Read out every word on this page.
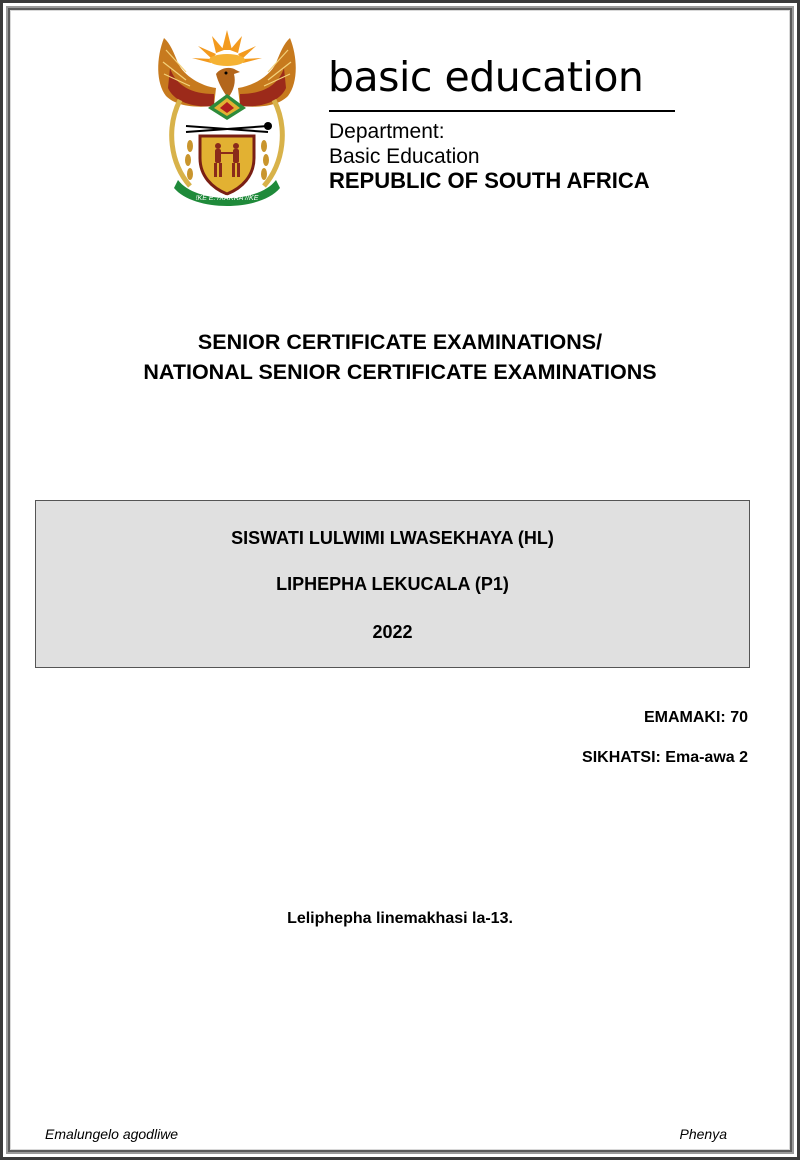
!KE E: /XARRA //KE
basic education
Department:
Basic Education
REPUBLIC OF SOUTH AFRICA
SENIOR CERTIFICATE EXAMINATIONS/
NATIONAL SENIOR CERTIFICATE EXAMINATIONS
SISWATI LULWIMI LWASEKHAYA (HL)
LIPHEPHA LEKUCALA (P1)
2022
EMAMAKI: 70
SIKHATSI: Ema-awa 2
Leliphepha linemakhasi la-13.
Emalungelo agodliwe	Phenya
